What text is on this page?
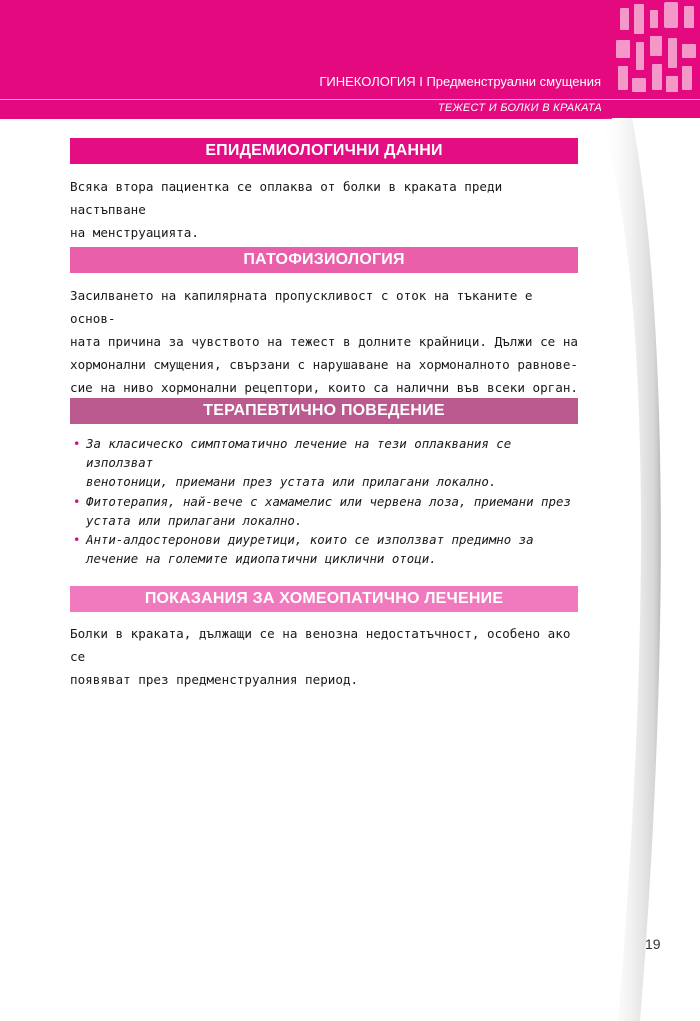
ГИНЕКОЛОГИЯ I Предменструални смущения
ТЕЖЕСТ И БОЛКИ В КРАКАТА
ЕПИДЕМИОЛОГИЧНИ ДАННИ

Всяка втора пациентка се оплаква от болки в краката преди настъпване
на менструацията.

ПАТОФИЗИОЛОГИЯ

Засилването на капилярната пропускливост с оток на тъканите е основ-
ната причина за чувството на тежест в долните крайници. Дължи се на
хормонални смущения, свързани с нарушаване на хормоналното равнове-
сие на ниво хормонални рецептори, които са налични във всеки орган.

ТЕРАПЕВТИЧНО ПОВЕДЕНИЕ
• За класическо симптоматично лечение на тези оплаквания се използват
венотоници, приемани през устата или прилагани локално.
• Фитотерапия, най-вече с хамамелис или червена лоза, приемани през
устата или прилагани локално.
• Анти-алдостеронови диуретици, които се използват предимно за
лечение на големите идиопатични циклични отоци.
ПОКАЗАНИЯ ЗА ХОМЕОПАТИЧНО ЛЕЧЕНИЕ

Болки в краката, дължащи се на венозна недостатъчност, особено ако се
появяват през предменструалния период.

19
